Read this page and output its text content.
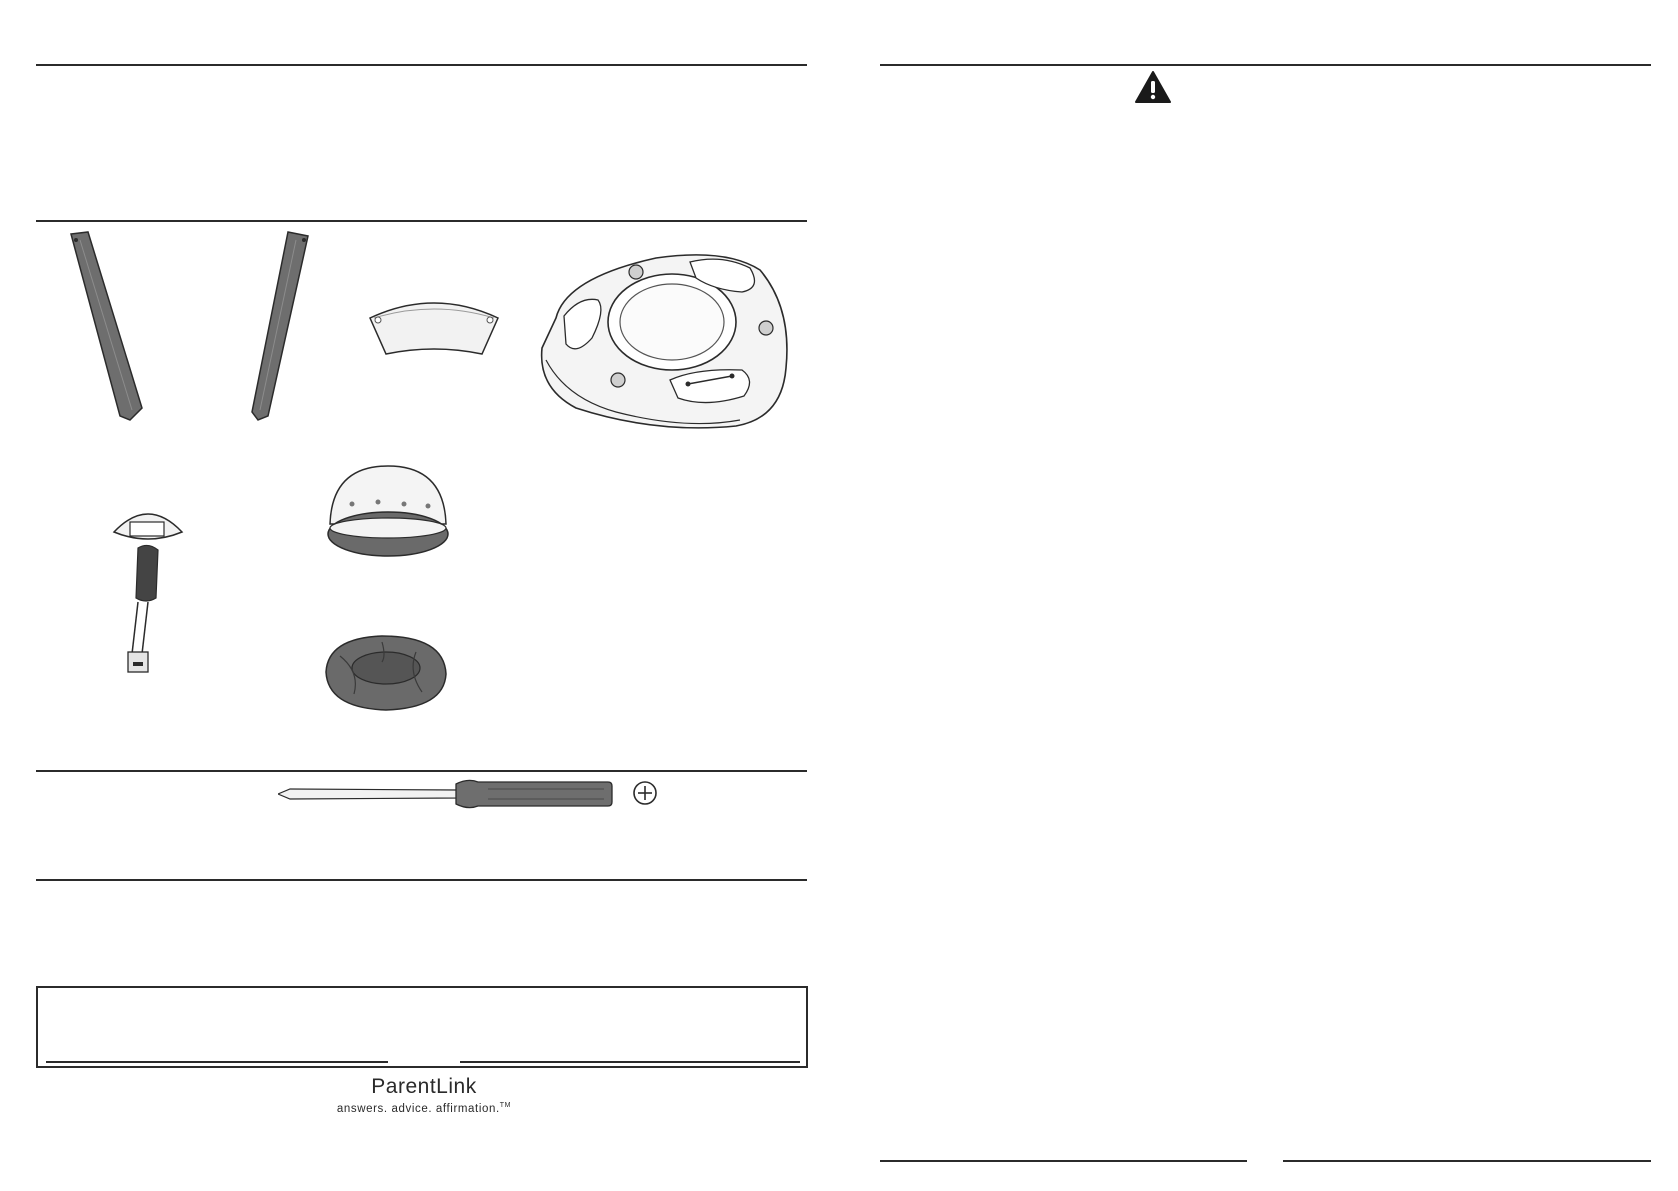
ParentLink
answers. advice. affirmation.™
